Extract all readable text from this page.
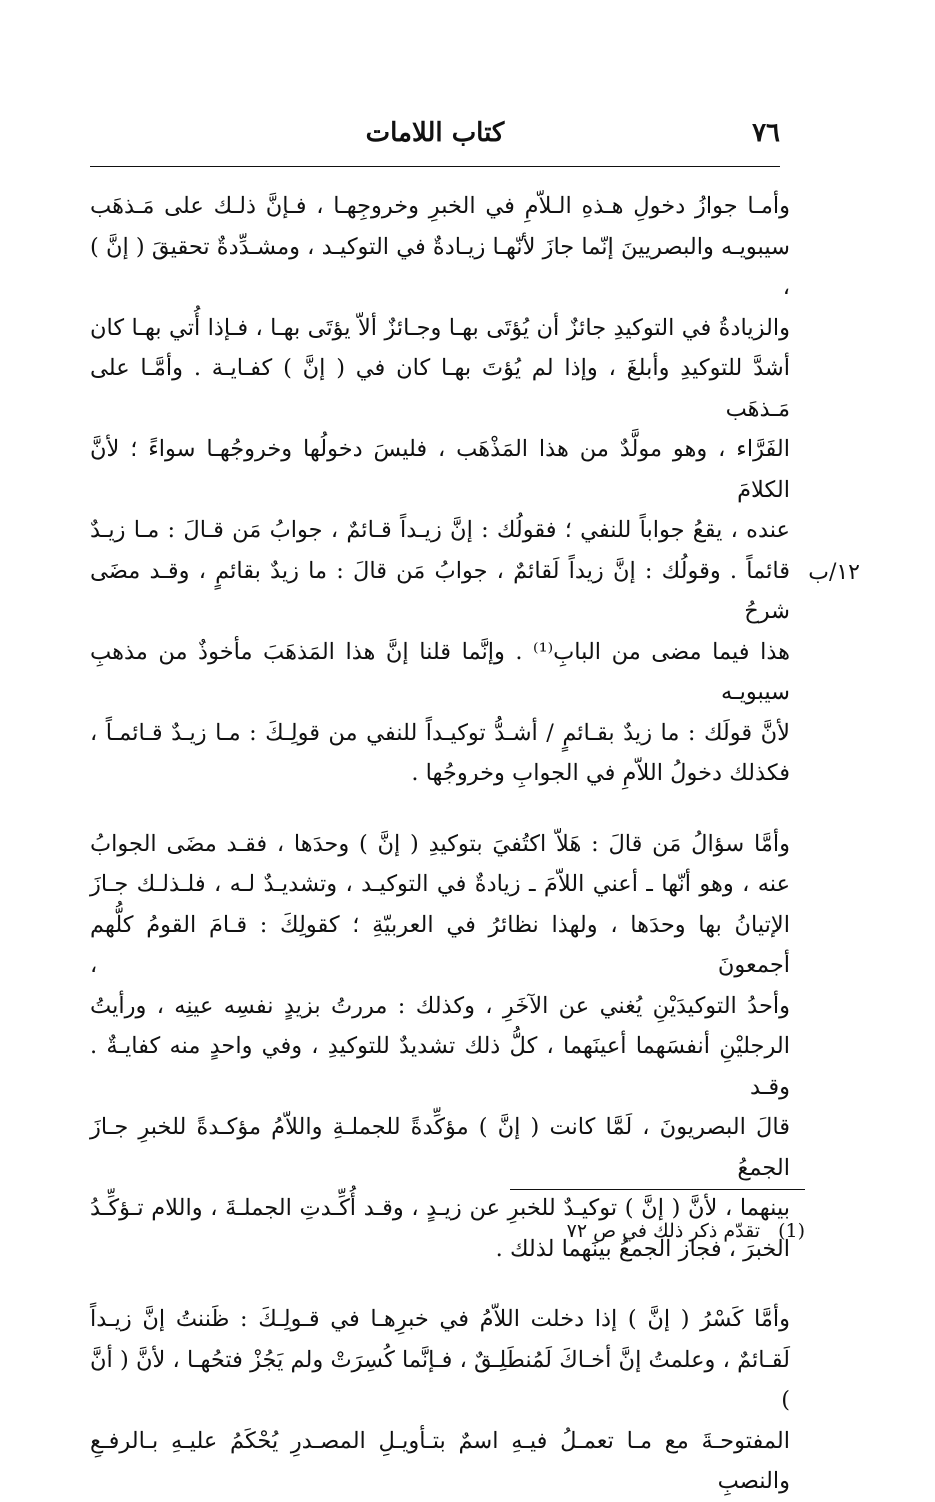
٧٦
كتاب اللامات

وأمـا جوازُ دخولِ هـذهِ الـلاّمِ في الخبرِ وخروجِهـا ، فـإنَّ ذلـك على مَـذهَب

سيبويـه والبصريينَ إنّما جازَ لأنّهـا زيـادةٌ في التوكيـد ، ومشـدِّدةٌ تحقيقَ ( إنَّ ) ،

والزيادةُ في التوكيدِ جائزٌ أن يُؤتَى بهـا وجـائزٌ ألاّ يؤتَى بهـا ، فـإذا أُتي بهـا كان

أشدَّ للتوكيدِ وأبلغَ ، وإذا لم يُؤتَ بهـا كان في ( إنَّ ) كفـايـة . وأمَّـا على مَـذهَب

الفَرَّاء ، وهو مولَّدٌ من هذا المَذْهَب ، فليسَ دخولُها وخروجُهـا سواءً ؛ لأنَّ الكلامَ

عنده ، يقعُ جواباً للنفي ؛ فقولُك : إنَّ زيـداً قـائمٌ ، جوابُ مَن قـالَ : مـا زيـدٌ

قائماً . وقولُك : إنَّ زيداً لَقائمٌ ، جوابُ مَن قالَ : ما زيدٌ بقائمٍ ، وقـد مضَى شرحُ

هذا فيما مضى من البابِ⁽¹⁾ . وإنَّما قلنا إنَّ هذا المَذهَبَ مأخوذٌ من مذهبِ سيبويـه

لأنَّ قولَك : ما زيدٌ بقـائمٍ / أشـدُّ توكيـداً للنفي من قولِـكَ : مـا زيـدٌ قـائمـاً ،

فكذلك دخولُ اللاّمِ في الجوابِ وخروجُها .

وأمَّا سؤالُ مَن قالَ : هَلاّ اكتُفيَ بتوكيدِ ( إنَّ ) وحدَها ، فقـد مضَى الجوابُ

عنه ، وهو أنّها ـ أعني اللاّمَ ـ زيادةٌ في التوكيـد ، وتشديـدٌ لـه ، فلـذلـك جـازَ

الإتيانُ بها وحدَها ، ولهذا نظائرُ في العربيّةِ ؛ كقولِكَ : قـامَ القومُ كلُّهم أجمعونَ ،

وأحدُ التوكيدَيْنِ يُغني عن الآخَرِ ، وكذلك : مررتُ بزيدٍ نفسِه عينِه ، ورأيتُ

الرجليْنِ أنفسَهما أعينَهما ، كلُّ ذلك تشديدٌ للتوكيدِ ، وفي واحدٍ منه كفايـةٌ . وقـد

قالَ البصريونَ ، لَمَّا كانت ( إنَّ ) مؤكِّدةً للجملـةِ واللاّمُ مؤكـدةً للخبرِ جـازَ الجمعُ

بينهما ، لأنَّ ( إنَّ ) توكيـدٌ للخبرِ عن زيـدٍ ، وقـد أُكِّـدتِ الجملـةَ ، واللام تـؤكِّـدُ

الخبرَ ، فجاز الجمعُ بينَهما لذلك .

وأمَّا كَسْرُ ( إنَّ ) إذا دخلت اللاّمُ في خبرِهـا في قـولِـكَ : ظَننتُ إنَّ زيـداً

لَقـائمٌ ، وعلمتُ إنَّ أخـاكَ لَمُنطَلِـقٌ ، فـإنَّما كُسِرَتْ ولم يَجُزْ فتحُهـا ، لأنَّ ( أنَّ )

المفتوحـةَ مع مـا تعمـلُ فيـهِ اسمٌ بتـأويـلِ المصـدرِ يُحْكَمُ عليـهِ بـالرفـعِ والنصبِ

١٢/ب
(1) تقدّم ذكر ذلك في ص ٧٢
